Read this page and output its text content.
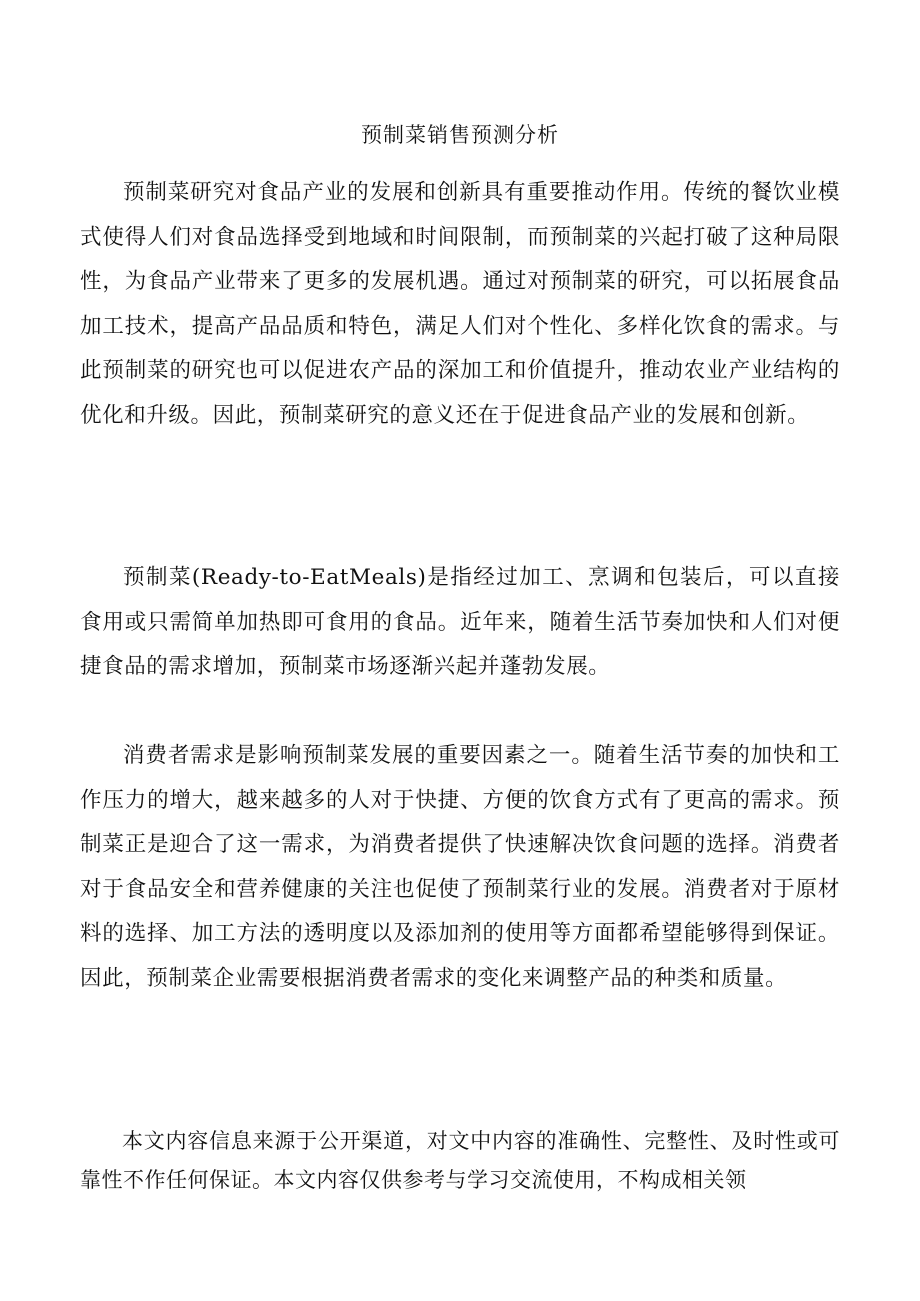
预制菜销售预测分析

预制菜研究对食品产业的发展和创新具有重要推动作用。传统的餐饮业模式使得人们对食品选择受到地域和时间限制，而预制菜的兴起打破了这种局限性，为食品产业带来了更多的发展机遇。通过对预制菜的研究，可以拓展食品加工技术，提高产品品质和特色，满足人们对个性化、多样化饮食的需求。与此预制菜的研究也可以促进农产品的深加工和价值提升，推动农业产业结构的优化和升级。因此，预制菜研究的意义还在于促进食品产业的发展和创新。

预制菜(Ready-to-EatMeals)是指经过加工、烹调和包装后，可以直接食用或只需简单加热即可食用的食品。近年来，随着生活节奏加快和人们对便捷食品的需求增加，预制菜市场逐渐兴起并蓬勃发展。

消费者需求是影响预制菜发展的重要因素之一。随着生活节奏的加快和工作压力的增大，越来越多的人对于快捷、方便的饮食方式有了更高的需求。预制菜正是迎合了这一需求，为消费者提供了快速解决饮食问题的选择。消费者对于食品安全和营养健康的关注也促使了预制菜行业的发展。消费者对于原材料的选择、加工方法的透明度以及添加剂的使用等方面都希望能够得到保证。因此，预制菜企业需要根据消费者需求的变化来调整产品的种类和质量。

本文内容信息来源于公开渠道，对文中内容的准确性、完整性、及时性或可靠性不作任何保证。本文内容仅供参考与学习交流使用，不构成相关领
